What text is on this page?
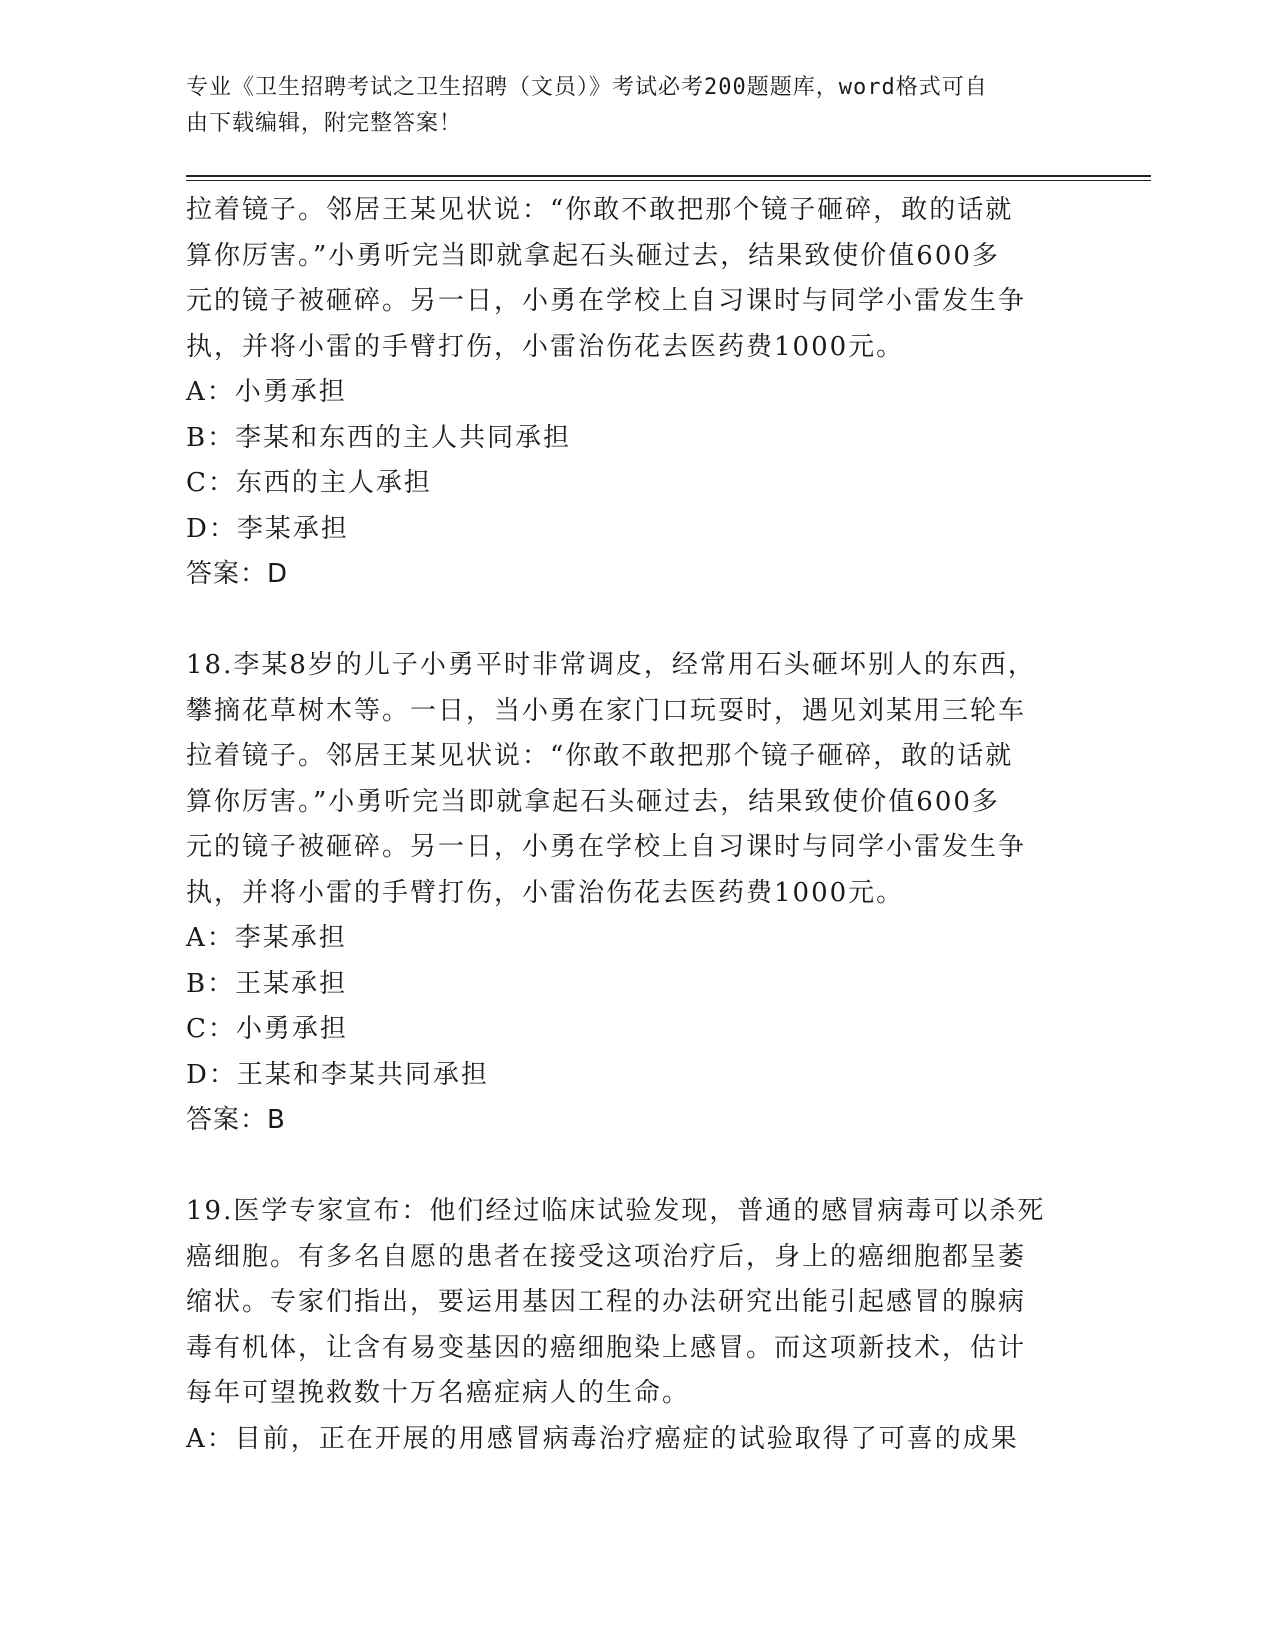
专业《卫生招聘考试之卫生招聘（文员）》考试必考200题题库，word格式可自
由下载编辑，附完整答案！

拉着镜子。邻居王某见状说：“你敢不敢把那个镜子砸碎，敢的话就

算你厉害。”小勇听完当即就拿起石头砸过去，结果致使价值600多

元的镜子被砸碎。另一日，小勇在学校上自习课时与同学小雷发生争

执，并将小雷的手臂打伤，小雷治伤花去医药费1000元。

A：小勇承担

B：李某和东西的主人共同承担

C：东西的主人承担

D：李某承担

答案：D

18.李某8岁的儿子小勇平时非常调皮，经常用石头砸坏别人的东西，

攀摘花草树木等。一日，当小勇在家门口玩耍时，遇见刘某用三轮车

拉着镜子。邻居王某见状说：“你敢不敢把那个镜子砸碎，敢的话就

算你厉害。”小勇听完当即就拿起石头砸过去，结果致使价值600多

元的镜子被砸碎。另一日，小勇在学校上自习课时与同学小雷发生争

执，并将小雷的手臂打伤，小雷治伤花去医药费1000元。

A：李某承担

B：王某承担

C：小勇承担

D：王某和李某共同承担

答案：B

19.医学专家宣布：他们经过临床试验发现，普通的感冒病毒可以杀死

癌细胞。有多名自愿的患者在接受这项治疗后，身上的癌细胞都呈萎

缩状。专家们指出，要运用基因工程的办法研究出能引起感冒的腺病

毒有机体，让含有易变基因的癌细胞染上感冒。而这项新技术，估计

每年可望挽救数十万名癌症病人的生命。

A：目前，正在开展的用感冒病毒治疗癌症的试验取得了可喜的成果
